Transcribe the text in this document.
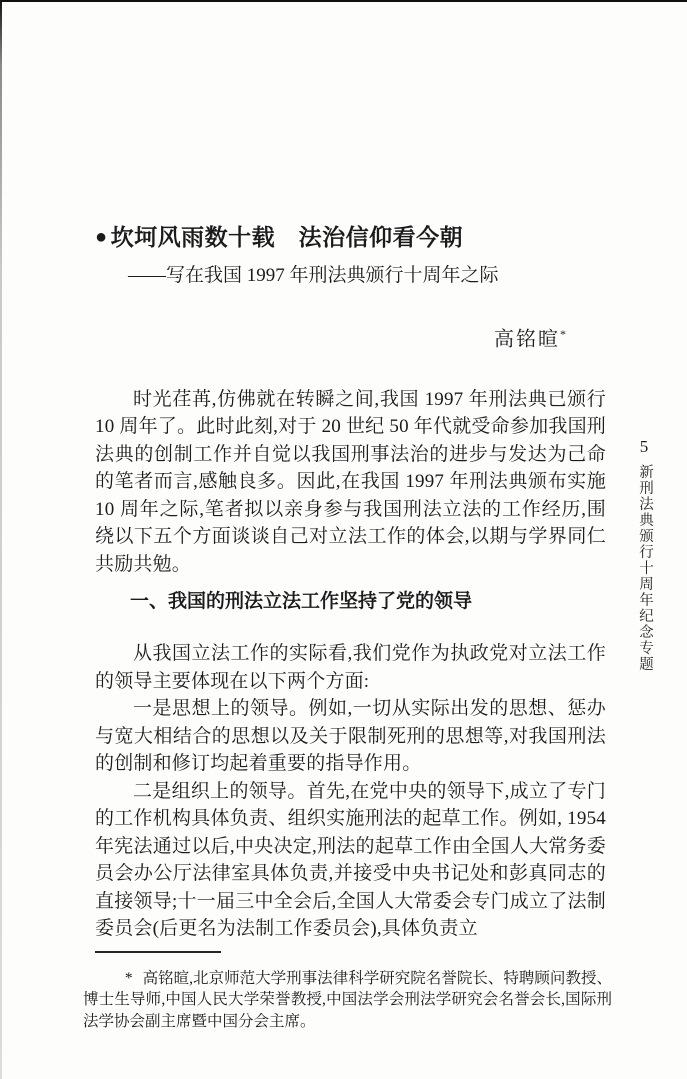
● 坎坷风雨数十载　法治信仰看今朝
——写在我国 1997 年刑法典颁行十周年之际
高铭暄*

时光荏苒,仿佛就在转瞬之间,我国 1997 年刑法典已颁行 10 周年了。此时此刻,对于 20 世纪 50 年代就受命参加我国刑法典的创制工作并自觉以我国刑事法治的进步与发达为己命的笔者而言,感触良多。因此,在我国 1997 年刑法典颁布实施 10 周年之际,笔者拟以亲身参与我国刑法立法的工作经历,围绕以下五个方面谈谈自己对立法工作的体会,以期与学界同仁共励共勉。

一、我国的刑法立法工作坚持了党的领导

从我国立法工作的实际看,我们党作为执政党对立法工作的领导主要体现在以下两个方面:

一是思想上的领导。例如,一切从实际出发的思想、惩办与宽大相结合的思想以及关于限制死刑的思想等,对我国刑法的创制和修订均起着重要的指导作用。

二是组织上的领导。首先,在党中央的领导下,成立了专门的工作机构具体负责、组织实施刑法的起草工作。例如, 1954 年宪法通过以后,中央决定,刑法的起草工作由全国人大常务委员会办公厅法律室具体负责,并接受中央书记处和彭真同志的直接领导;十一届三中全会后,全国人大常委会专门成立了法制委员会(后更名为法制工作委员会),具体负责立

* 高铭暄,北京师范大学刑事法律科学研究院名誉院长、特聘顾问教授、博士生导师,中国人民大学荣誉教授,中国法学会刑法学研究会名誉会长,国际刑法学协会副主席暨中国分会主席。

5
新刑法典颁行十周年纪念专题
